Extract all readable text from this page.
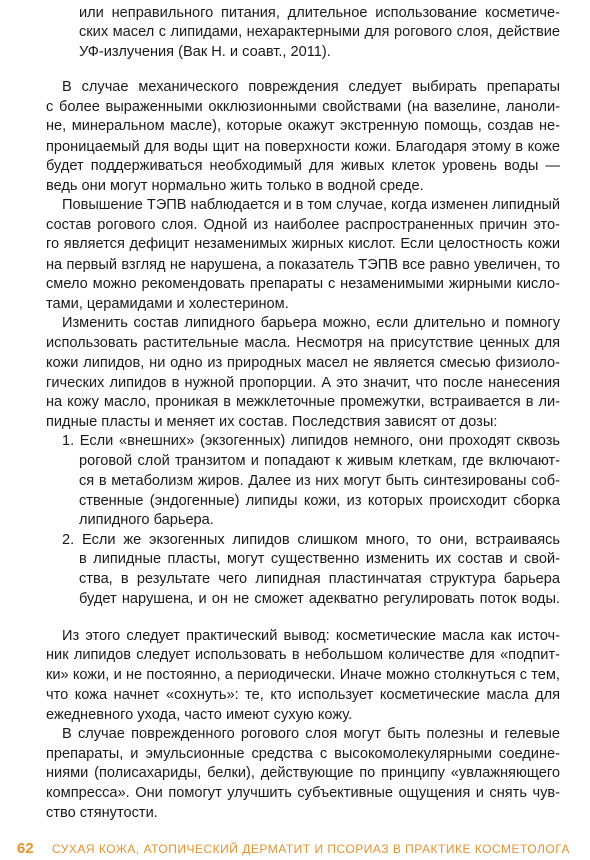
или неправильного питания, длительное использование косметиче-
ских масел с липидами, нехарактерными для рогового слоя, действие
УФ-излучения (Вак Н. и соавт., 2011).
В случае механического повреждения следует выбирать препараты
с более выраженными окклюзионными свойствами (на вазелине, ланоли-
не, минеральном масле), которые окажут экстренную помощь, создав не-
проницаемый для воды щит на поверхности кожи. Благодаря этому в коже
будет поддерживаться необходимый для живых клеток уровень воды —
ведь они могут нормально жить только в водной среде.
Повышение ТЭПВ наблюдается и в том случае, когда изменен липидный
состав рогового слоя. Одной из наиболее распространенных причин это-
го является дефицит незаменимых жирных кислот. Если целостность кожи
на первый взгляд не нарушена, а показатель ТЭПВ все равно увеличен, то
смело можно рекомендовать препараты с незаменимыми жирными кисло-
тами, церамидами и холестерином.
Изменить состав липидного барьера можно, если длительно и помногу
использовать растительные масла. Несмотря на присутствие ценных для
кожи липидов, ни одно из природных масел не является смесью физиоло-
гических липидов в нужной пропорции. А это значит, что после нанесения
на кожу масло, проникая в межклеточные промежутки, встраивается в ли-
пидные пласты и меняет их состав. Последствия зависят от дозы:
1. Если «внешних» (экзогенных) липидов немного, они проходят сквозь
роговой слой транзитом и попадают к живым клеткам, где включают-
ся в метаболизм жиров. Далее из них могут быть синтезированы соб-
ственные (эндогенные) липиды кожи, из которых происходит сборка
липидного барьера.
2. Если же экзогенных липидов слишком много, то они, встраиваясь
в липидные пласты, могут существенно изменить их состав и свой-
ства, в результате чего липидная пластинчатая структура барьера
будет нарушена, и он не сможет адекватно регулировать поток воды.
Из этого следует практический вывод: косметические масла как источ-
ник липидов следует использовать в небольшом количестве для «подпит-
ки» кожи, и не постоянно, а периодически. Иначе можно столкнуться с тем,
что кожа начнет «сохнуть»: те, кто использует косметические масла для
ежедневного ухода, часто имеют сухую кожу.
В случае поврежденного рогового слоя могут быть полезны и гелевые
препараты, и эмульсионные средства с высокомолекулярными соедине-
ниями (полисахариды, белки), действующие по принципу «увлажняющего
компресса». Они помогут улучшить субъективные ощущения и снять чув-
ство стянутости.
62 СУХАЯ КОЖА, АТОПИЧЕСКИЙ ДЕРМАТИТ И ПСОРИАЗ В ПРАКТИКЕ КОСМЕТОЛОГА
